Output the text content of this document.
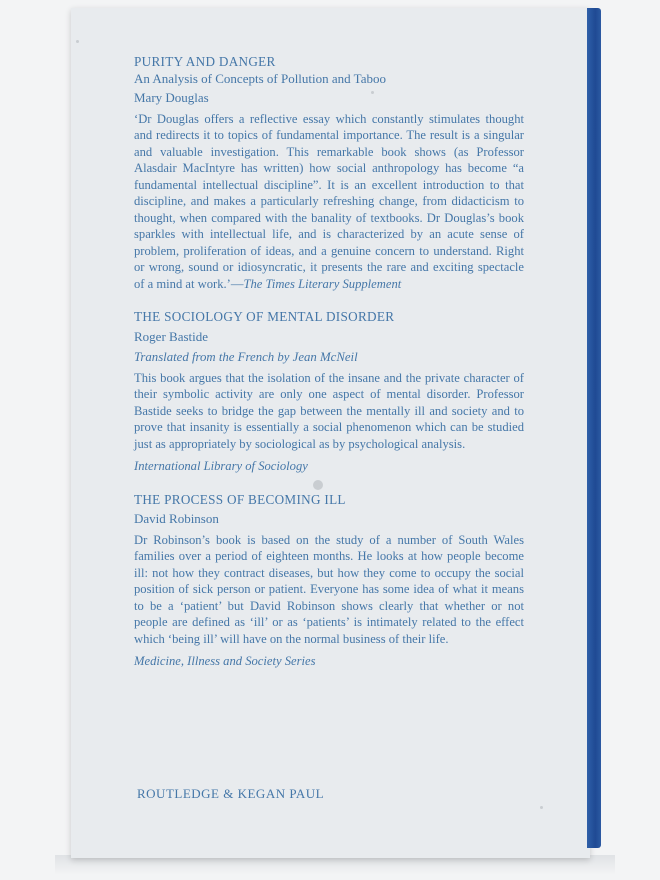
PURITY AND DANGER

An Analysis of Concepts of Pollution and Taboo

Mary Douglas

‘Dr Douglas offers a reflective essay which constantly stimulates thought and redirects it to topics of fundamental importance. The result is a singular and valuable investigation. This remarkable book shows (as Professor Alasdair MacIntyre has written) how social anthropology has become “a fundamental intellectual discipline”. It is an excellent introduction to that discipline, and makes a particularly refreshing change, from didacticism to thought, when compared with the banality of textbooks. Dr Douglas’s book sparkles with intellectual life, and is characterized by an acute sense of problem, proliferation of ideas, and a genuine concern to understand. Right or wrong, sound or idiosyncratic, it presents the rare and exciting spectacle of a mind at work.’—The Times Literary Supplement

THE SOCIOLOGY OF MENTAL DISORDER

Roger Bastide

Translated from the French by Jean McNeil

This book argues that the isolation of the insane and the private character of their symbolic activity are only one aspect of mental disorder. Professor Bastide seeks to bridge the gap between the mentally ill and society and to prove that insanity is essentially a social phenomenon which can be studied just as appropriately by sociological as by psychological analysis.

International Library of Sociology

THE PROCESS OF BECOMING ILL

David Robinson

Dr Robinson’s book is based on the study of a number of South Wales families over a period of eighteen months. He looks at how people become ill: not how they contract diseases, but how they come to occupy the social position of sick person or patient. Everyone has some idea of what it means to be a ‘patient’ but David Robinson shows clearly that whether or not people are defined as ‘ill’ or as ‘patients’ is intimately related to the effect which ‘being ill’ will have on the normal business of their life.

Medicine, Illness and Society Series

ROUTLEDGE & KEGAN PAUL
